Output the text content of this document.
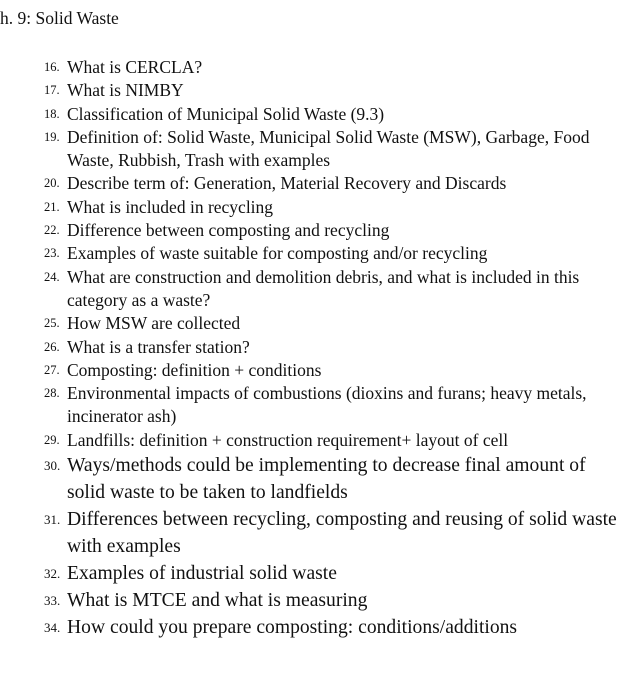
h. 9: Solid Waste
16. What is CERCLA?
17. What is NIMBY
18. Classification of Municipal Solid Waste (9.3)
19. Definition of: Solid Waste, Municipal Solid Waste (MSW), Garbage, Food Waste, Rubbish, Trash with examples
20. Describe term of: Generation, Material Recovery and Discards
21. What is included in recycling
22. Difference between composting and recycling
23. Examples of waste suitable for composting and/or recycling
24. What are construction and demolition debris, and what is included in this category as a waste?
25. How MSW are collected
26. What is a transfer station?
27. Composting: definition + conditions
28. Environmental impacts of combustions (dioxins and furans; heavy metals, incinerator ash)
29. Landfills: definition + construction requirement+ layout of cell
30. Ways/methods could be implementing to decrease final amount of solid waste to be taken to landfields
31. Differences between recycling, composting and reusing of solid waste with examples
32. Examples of industrial solid waste
33. What is MTCE and what is measuring
34. How could you prepare composting: conditions/additions
